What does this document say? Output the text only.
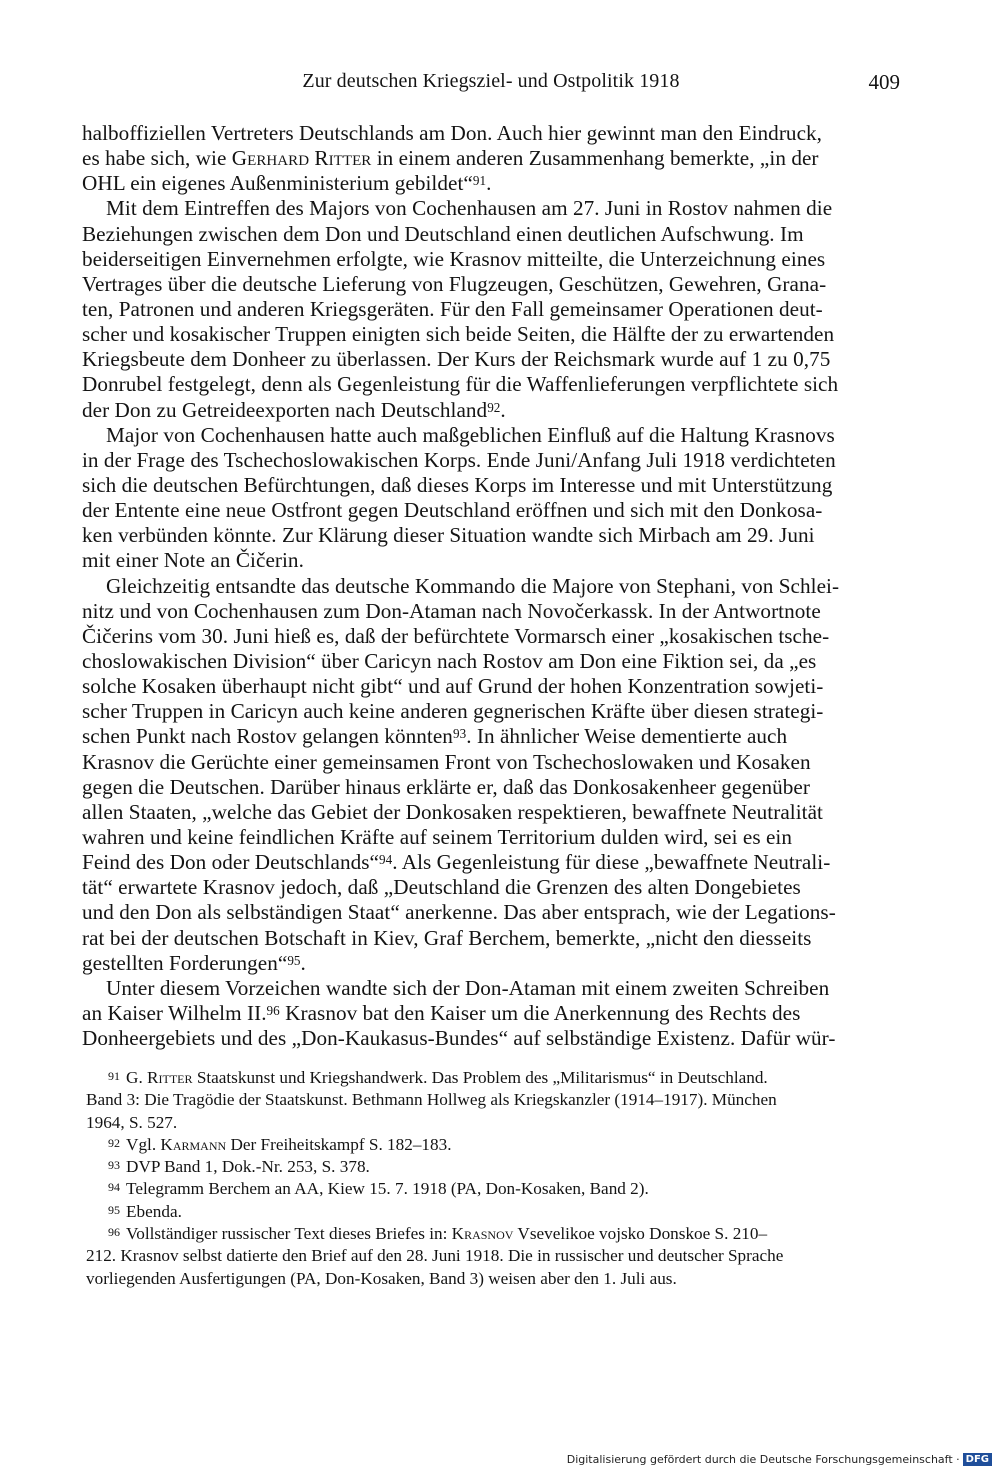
Zur deutschen Kriegsziel- und Ostpolitik 1918	409
halboffiziellen Vertreters Deutschlands am Don. Auch hier gewinnt man den Eindruck,
es habe sich, wie Gerhard Ritter in einem anderen Zusammenhang bemerkte, „in der
OHL ein eigenes Außenministerium gebildet“$^{91}$.
Mit dem Eintreffen des Majors von Cochenhausen am 27. Juni in Rostov nahmen die
Beziehungen zwischen dem Don und Deutschland einen deutlichen Aufschwung. Im
beiderseitigen Einvernehmen erfolgte, wie Krasnov mitteilte, die Unterzeichnung eines
Vertrages über die deutsche Lieferung von Flugzeugen, Geschützen, Gewehren, Grana-
ten, Patronen und anderen Kriegsgeräten. Für den Fall gemeinsamer Operationen deut-
scher und kosakischer Truppen einigten sich beide Seiten, die Hälfte der zu erwartenden
Kriegsbeute dem Donheer zu überlassen. Der Kurs der Reichsmark wurde auf 1 zu 0,75
Donrubel festgelegt, denn als Gegenleistung für die Waffenlieferungen verpflichtete sich
der Don zu Getreideexporten nach Deutschland$^{92}$.
Major von Cochenhausen hatte auch maßgeblichen Einfluß auf die Haltung Krasnovs
in der Frage des Tschechoslowakischen Korps. Ende Juni/Anfang Juli 1918 verdichteten
sich die deutschen Befürchtungen, daß dieses Korps im Interesse und mit Unterstützung
der Entente eine neue Ostfront gegen Deutschland eröffnen und sich mit den Donkosa-
ken verbünden könnte. Zur Klärung dieser Situation wandte sich Mirbach am 29. Juni
mit einer Note an Čičerin.
Gleichzeitig entsandte das deutsche Kommando die Majore von Stephani, von Schlei-
nitz und von Cochenhausen zum Don-Ataman nach Novočerkassk. In der Antwortnote
Čičerins vom 30. Juni hieß es, daß der befürchtete Vormarsch einer „kosakischen tsche-
choslowakischen Division“ über Caricyn nach Rostov am Don eine Fiktion sei, da „es
solche Kosaken überhaupt nicht gibt“ und auf Grund der hohen Konzentration sowjeti-
scher Truppen in Caricyn auch keine anderen gegnerischen Kräfte über diesen strategi-
schen Punkt nach Rostov gelangen könnten$^{93}$. In ähnlicher Weise dementierte auch
Krasnov die Gerüchte einer gemeinsamen Front von Tschechoslowaken und Kosaken
gegen die Deutschen. Darüber hinaus erklärte er, daß das Donkosakenheer gegenüber
allen Staaten, „welche das Gebiet der Donkosaken respektieren, bewaffnete Neutralität
wahren und keine feindlichen Kräfte auf seinem Territorium dulden wird, sei es ein
Feind des Don oder Deutschlands“$^{94}$. Als Gegenleistung für diese „bewaffnete Neutrali-
tät“ erwartete Krasnov jedoch, daß „Deutschland die Grenzen des alten Dongebietes
und den Don als selbständigen Staat“ anerkenne. Das aber entsprach, wie der Legations-
rat bei der deutschen Botschaft in Kiev, Graf Berchem, bemerkte, „nicht den diesseits
gestellten Forderungen“$^{95}$.
Unter diesem Vorzeichen wandte sich der Don-Ataman mit einem zweiten Schreiben
an Kaiser Wilhelm II.$^{96}$ Krasnov bat den Kaiser um die Anerkennung des Rechts des
Donheergebiets und des „Don-Kaukasus-Bundes“ auf selbständige Existenz. Dafür wür-
$^{91}$ G. Ritter Staatskunst und Kriegshandwerk. Das Problem des „Militarismus“ in Deutschland.
Band 3: Die Tragödie der Staatskunst. Bethmann Hollweg als Kriegskanzler (1914–1917). München
1964, S. 527.
$^{92}$ Vgl. Karmann Der Freiheitskampf S. 182–183.
$^{93}$ DVP Band 1, Dok.-Nr. 253, S. 378.
$^{94}$ Telegramm Berchem an AA, Kiew 15. 7. 1918 (PA, Don-Kosaken, Band 2).
$^{95}$ Ebenda.
$^{96}$ Vollständiger russischer Text dieses Briefes in: Krasnov Vsevelikoe vojsko Donskoe S. 210–
212. Krasnov selbst datierte den Brief auf den 28. Juni 1918. Die in russischer und deutscher Sprache
vorliegenden Ausfertigungen (PA, Don-Kosaken, Band 3) weisen aber den 1. Juli aus.
Digitalisierung gefördert durch die Deutsche Forschungsgemeinschaft · DFG
